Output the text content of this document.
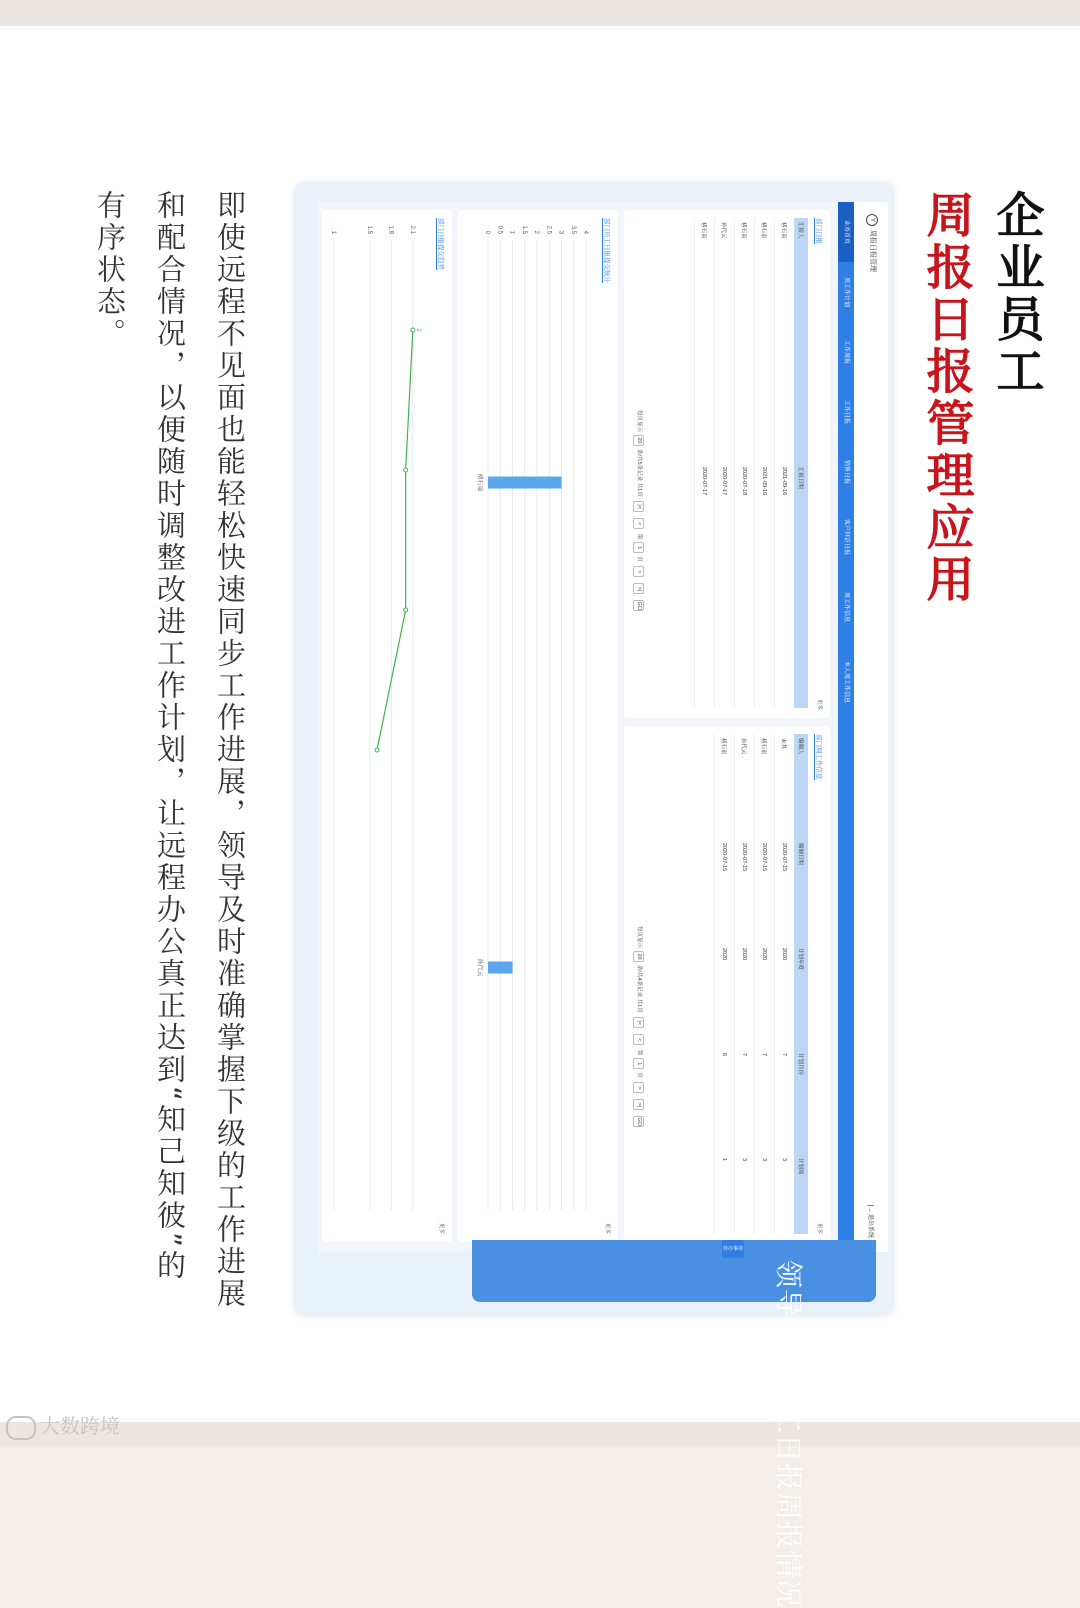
企业员工
周报日报管理应用
Y周报日报管理
[→ 退出系统
业务首页
周工作计划
工作周报
工作日报
销售日报
客户拜访日报
周工作信息
本人周工作信息
部门日报
更多
汇报人	汇报日期
褚石泉	2021-09-16
褚石泉	2021-09-16
褚石泉	2020-07-18
孙代云	2020-07-17
褚石泉	2020-07-17
每页显示20条/共5条记录 共1页 |<< 第1页 >>|GO
部门周工作信息
更多
编制人	编制日期	计划年度	计划月份	计划周
未其	2020-07-15	2020	7	3
褚石泉	2020-07-15	2020	7	3
孙代云	2020-07-15	2020	7	3
褚石泉	2020-07-15	2020	6	1
每页显示20条/共4条记录 共1页 |<< 第1页 >>|GO
部门员工日报提交统计
更多
4
3.5
3
2.5
2
1.5
1
0.5
0
褚石泉
孙代云
部门日报提交趋势
更多
2.1
1.8
1.5
1
2
领导查看员工日报周报情况
待办事项
即使远程不见面也能轻松快速同步工作进展，领导及时准确掌握下级的工作进展
和配合情况，以便随时调整改进工作计划，让远程办公真正达到“知己知彼”的
有序状态。
大数跨境
